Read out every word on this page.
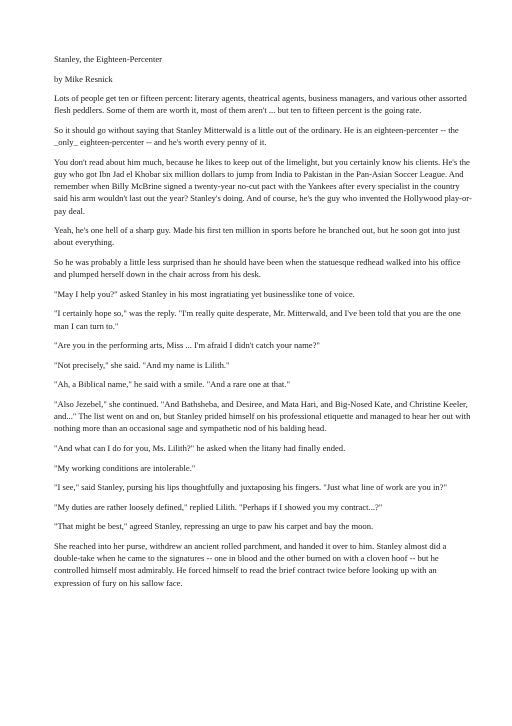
Stanley, the Eighteen-Percenter

by Mike Resnick

Lots of people get ten or fifteen percent: literary agents, theatrical agents, business managers, and various other assorted flesh peddlers. Some of them are worth it, most of them aren't ... but ten to fifteen percent is the going rate.

So it should go without saying that Stanley Mitterwald is a little out of the ordinary. He is an eighteen-percenter -- the _only_ eighteen-percenter -- and he's worth every penny of it.

You don't read about him much, because he likes to keep out of the limelight, but you certainly know his clients. He's the guy who got Ibn Jad el Khobar six million dollars to jump from India to Pakistan in the Pan-Asian Soccer League. And remember when Billy McBrine signed a twenty-year no-cut pact with the Yankees after every specialist in the country said his arm wouldn't last out the year? Stanley's doing. And of course, he's the guy who invented the Hollywood play-or-pay deal.

Yeah, he's one hell of a sharp guy. Made his first ten million in sports before he branched out, but he soon got into just about everything.

So he was probably a little less surprised than he should have been when the statuesque redhead walked into his office and plumped herself down in the chair across from his desk.

"May I help you?" asked Stanley in his most ingratiating yet businesslike tone of voice.

"I certainly hope so," was the reply. "I'm really quite desperate, Mr. Mitterwald, and I've been told that you are the one man I can turn to."

"Are you in the performing arts, Miss ... I'm afraid I didn't catch your name?"

"Not precisely," she said. "And my name is Lilith."

"Ah, a Biblical name," he said with a smile. "And a rare one at that."

"Also Jezebel," she continued. "And Bathsheba, and Desiree, and Mata Hari, and Big-Nosed Kate, and Christine Keeler, and..." The list went on and on, but Stanley prided himself on his professional etiquette and managed to hear her out with nothing more than an occasional sage and sympathetic nod of his balding head.

"And what can I do for you, Ms. Lilith?" he asked when the litany had finally ended.

"My working conditions are intolerable."

"I see," said Stanley, pursing his lips thoughtfully and juxtaposing his fingers. "Just what line of work are you in?"

"My duties are rather loosely defined," replied Lilith. "Perhaps if I showed you my contract...?"

"That might be best," agreed Stanley, repressing an urge to paw his carpet and bay the moon.

She reached into her purse, withdrew an ancient rolled parchment, and handed it over to him. Stanley almost did a double-take when he came to the signatures -- one in blood and the other burned on with a cloven hoof -- but he controlled himself most admirably. He forced himself to read the brief contract twice before looking up with an expression of fury on his sallow face.
